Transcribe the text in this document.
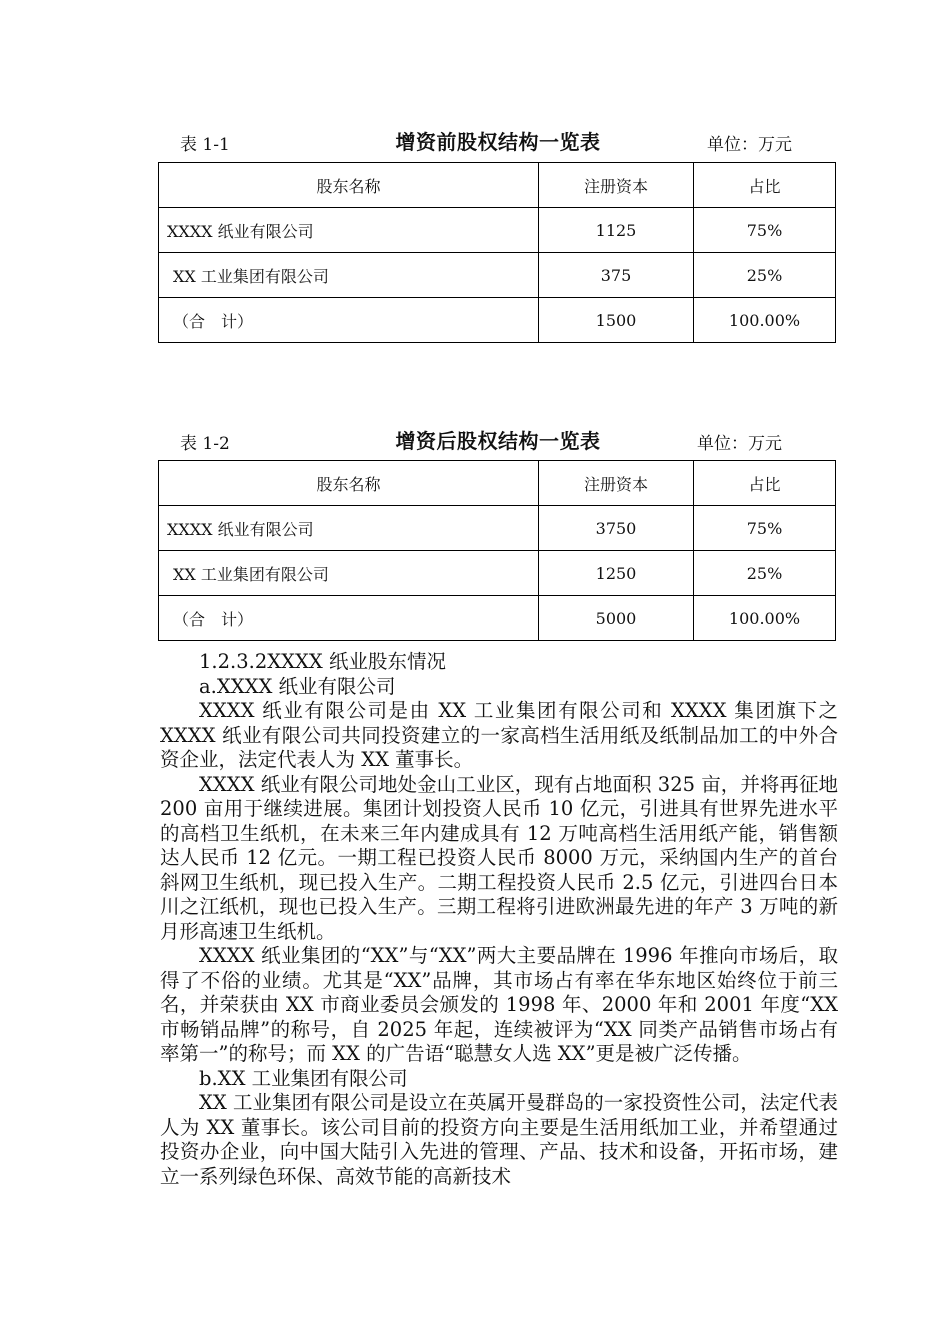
表 1-1	增资前股权结构一览表	单位：万元
股东名称	注册资本	占比
XXXX 纸业有限公司	1125	75%
XX 工业集团有限公司	375	25%
（合　计）	1500	100.00%
表 1-2	增资后股权结构一览表	单位：万元
股东名称	注册资本	占比
XXXX 纸业有限公司	3750	75%
XX 工业集团有限公司	1250	25%
（合　计）	5000	100.00%

1.2.3.2XXXX 纸业股东情况

a.XXXX 纸业有限公司

XXXX 纸业有限公司是由 XX 工业集团有限公司和 XXXX 集团旗下之 XXXX 纸业有限公司共同投资建立的一家高档生活用纸及纸制品加工的中外合资企业，法定代表人为 XX 董事长。

XXXX 纸业有限公司地处金山工业区，现有占地面积 325 亩，并将再征地 200 亩用于继续进展。集团计划投资人民币 10 亿元，引进具有世界先进水平的高档卫生纸机，在未来三年内建成具有 12 万吨高档生活用纸产能，销售额达人民币 12 亿元。一期工程已投资人民币 8000 万元，采纳国内生产的首台斜网卫生纸机，现已投入生产。二期工程投资人民币 2.5 亿元，引进四台日本川之江纸机，现也已投入生产。三期工程将引进欧洲最先进的年产 3 万吨的新月形高速卫生纸机。

XXXX 纸业集团的“XX”与“XX”两大主要品牌在 1996 年推向市场后，取得了不俗的业绩。尤其是“XX”品牌，其市场占有率在华东地区始终位于前三名，并荣获由 XX 市商业委员会颁发的 1998 年、2000 年和 2001 年度“XX 市畅销品牌”的称号，自 2025 年起，连续被评为“XX 同类产品销售市场占有率第一”的称号；而 XX 的广告语“聪慧女人选 XX”更是被广泛传播。

b.XX 工业集团有限公司

XX 工业集团有限公司是设立在英属开曼群岛的一家投资性公司，法定代表人为 XX 董事长。该公司目前的投资方向主要是生活用纸加工业，并希望通过投资办企业，向中国大陆引入先进的管理、产品、技术和设备，开拓市场，建立一系列绿色环保、高效节能的高新技术
